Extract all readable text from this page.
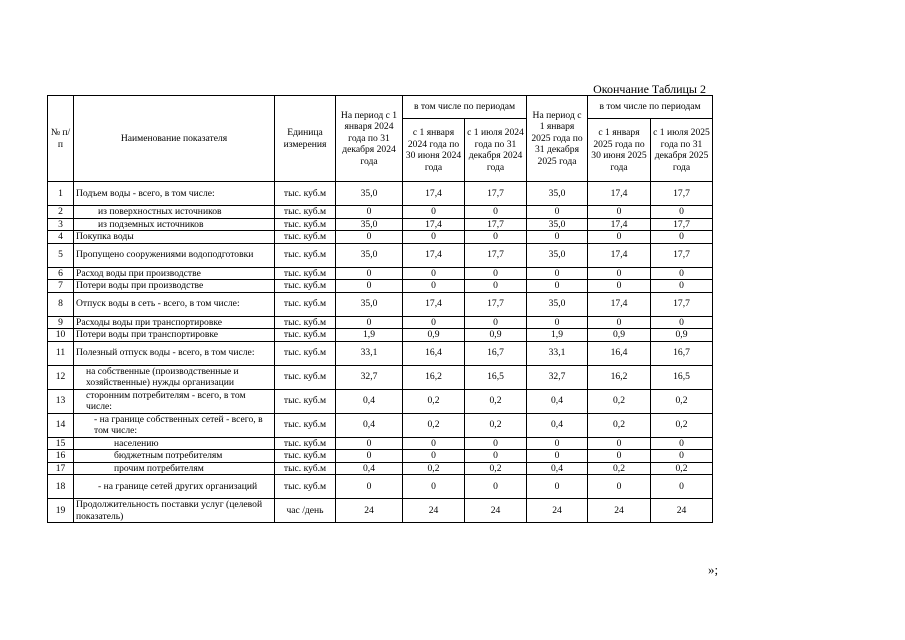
Окончание Таблицы 2
№ п/п	Наименование показателя	Единица измерения	На период с 1 января 2024 года по 31 декабря 2024 года	в том числе по периодам		На период с 1 января 2025 года по 31 декабря 2025 года	в том числе по периодам	
				с 1 января 2024 года по 30 июня 2024 года	с 1 июля 2024 года по 31 декабря 2024 года		с 1 января 2025 года по 30 июня 2025 года	с 1 июля 2025 года по 31 декабря 2025 года
1	Подъем воды - всего, в том числе:	тыс. куб.м	35,0	17,4	17,7	35,0	17,4	17,7
2	из поверхностных источников	тыс. куб.м	0	0	0	0	0	0
3	из подземных источников	тыс. куб.м	35,0	17,4	17,7	35,0	17,4	17,7
4	Покупка воды	тыс. куб.м	0	0	0	0	0	0
5	Пропущено сооружениями водоподготовки	тыс. куб.м	35,0	17,4	17,7	35,0	17,4	17,7
6	Расход воды при производстве	тыс. куб.м	0	0	0	0	0	0
7	Потери воды при производстве	тыс. куб.м	0	0	0	0	0	0
8	Отпуск воды в сеть - всего, в том числе:	тыс. куб.м	35,0	17,4	17,7	35,0	17,4	17,7
9	Расходы воды при транспортировке	тыс. куб.м	0	0	0	0	0	0
10	Потери воды при транспортировке	тыс. куб.м	1,9	0,9	0,9	1,9	0,9	0,9
11	Полезный отпуск воды - всего, в том числе:	тыс. куб.м	33,1	16,4	16,7	33,1	16,4	16,7
12	на собственные (производственные и хозяйственные) нужды организации	тыс. куб.м	32,7	16,2	16,5	32,7	16,2	16,5
13	сторонним потребителям - всего, в том числе:	тыс. куб.м	0,4	0,2	0,2	0,4	0,2	0,2
14	- на границе собственных сетей - всего, в том числе:	тыс. куб.м	0,4	0,2	0,2	0,4	0,2	0,2
15	населению	тыс. куб.м	0	0	0	0	0	0
16	бюджетным потребителям	тыс. куб.м	0	0	0	0	0	0
17	прочим потребителям	тыс. куб.м	0,4	0,2	0,2	0,4	0,2	0,2
18	- на границе сетей других организаций	тыс. куб.м	0	0	0	0	0	0
19	Продолжительность поставки услуг (целевой показатель)	час /день	24	24	24	24	24	24
»;
